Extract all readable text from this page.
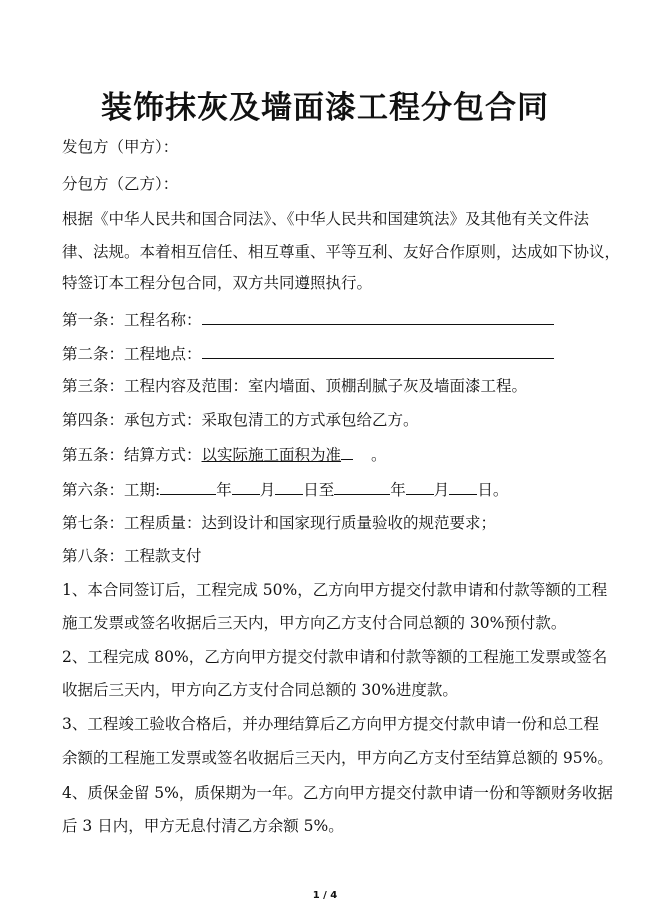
装饰抹灰及墙面漆工程分包合同

发包方（甲方）：

分包方（乙方）：

根据《中华人民共和国合同法》、《中华人民共和国建筑法》及其他有关文件法

律、法规。本着相互信任、相互尊重、平等互利、友好合作原则，达成如下协议，

特签订本工程分包合同，双方共同遵照执行。

第一条：工程名称：

第二条：工程地点：

第三条：工程内容及范围：室内墙面、顶棚刮腻子灰及墙面漆工程。

第四条：承包方式：采取包清工的方式承包给乙方。

第五条：结算方式：以实际施工面积为准 。

第六条：工期:	年 月 日至	年 月 日。

第七条：工程质量：达到设计和国家现行质量验收的规范要求；

第八条：工程款支付

1、本合同签订后，工程完成 50%，乙方向甲方提交付款申请和付款等额的工程

施工发票或签名收据后三天内，甲方向乙方支付合同总额的 30%预付款。

2、工程完成 80%，乙方向甲方提交付款申请和付款等额的工程施工发票或签名

收据后三天内，甲方向乙方支付合同总额的 30%进度款。

3、工程竣工验收合格后，并办理结算后乙方向甲方提交付款申请一份和总工程

余额的工程施工发票或签名收据后三天内，甲方向乙方支付至结算总额的 95%。

4、质保金留 5%，质保期为一年。乙方向甲方提交付款申请一份和等额财务收据

后 3 日内，甲方无息付清乙方余额 5%。

1 / 4
